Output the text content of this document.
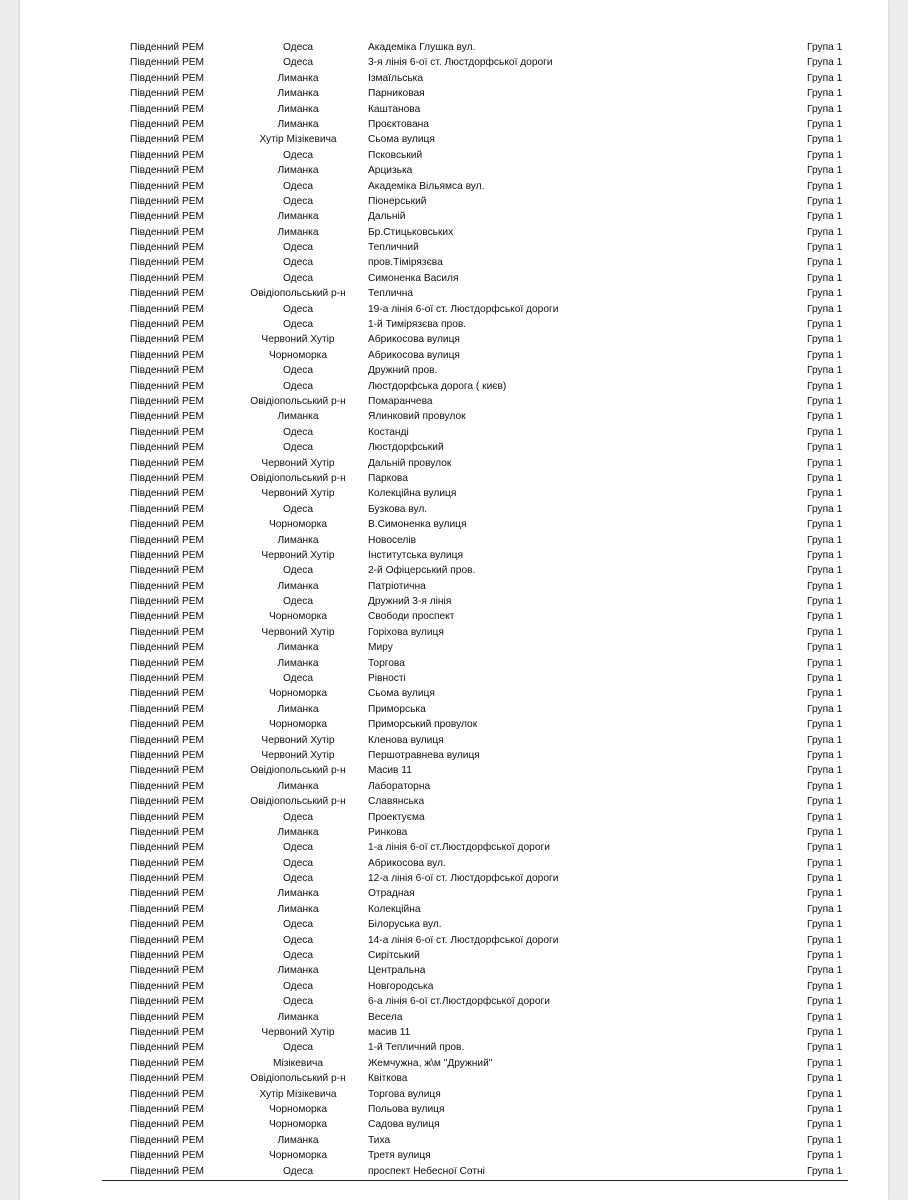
Південний РЕМ	Одеса	Академіка Глушка вул.	Група 1
Південний РЕМ	Одеса	3-я лінія 6-ої ст. Люстдорфської дороги	Група 1
Південний РЕМ	Лиманка	Ізмаїльська	Група 1
Південний РЕМ	Лиманка	Парниковая	Група 1
Південний РЕМ	Лиманка	Каштанова	Група 1
Південний РЕМ	Лиманка	Проєктована	Група 1
Південний РЕМ	Хутір Мізікевича	Сьома вулиця	Група 1
Південний РЕМ	Одеса	Псковський	Група 1
Південний РЕМ	Лиманка	Арцизька	Група 1
Південний РЕМ	Одеса	Академіка Вільямса вул.	Група 1
Південний РЕМ	Одеса	Піонерський	Група 1
Південний РЕМ	Лиманка	Дальній	Група 1
Південний РЕМ	Лиманка	Бр.Стицьковських	Група 1
Південний РЕМ	Одеса	Тепличний	Група 1
Південний РЕМ	Одеса	пров.Тімірязєва	Група 1
Південний РЕМ	Одеса	Симоненка Василя	Група 1
Південний РЕМ	Овідіопольський р-н	Теплична	Група 1
Південний РЕМ	Одеса	19-а лінія 6-ої ст. Люстдорфської дороги	Група 1
Південний РЕМ	Одеса	1-й Тимірязєва пров.	Група 1
Південний РЕМ	Червоний Хутір	Абрикосова вулиця	Група 1
Південний РЕМ	Чорноморка	Абрикосова вулиця	Група 1
Південний РЕМ	Одеса	Дружний пров.	Група 1
Південний РЕМ	Одеса	Люстдорфська дорога ( києв)	Група 1
Південний РЕМ	Овідіопольський р-н	Помаранчева	Група 1
Південний РЕМ	Лиманка	Ялинковий провулок	Група 1
Південний РЕМ	Одеса	Костанді	Група 1
Південний РЕМ	Одеса	Люстдорфський	Група 1
Південний РЕМ	Червоний Хутір	Дальній провулок	Група 1
Південний РЕМ	Овідіопольський р-н	Паркова	Група 1
Південний РЕМ	Червоний Хутір	Колекційна вулиця	Група 1
Південний РЕМ	Одеса	Бузкова вул.	Група 1
Південний РЕМ	Чорноморка	В.Симоненка вулиця	Група 1
Південний РЕМ	Лиманка	Новоселів	Група 1
Південний РЕМ	Червоний Хутір	Інститутська вулиця	Група 1
Південний РЕМ	Одеса	2-й Офіцерський пров.	Група 1
Південний РЕМ	Лиманка	Патріотична	Група 1
Південний РЕМ	Одеса	Дружний 3-я лінія	Група 1
Південний РЕМ	Чорноморка	Свободи проспект	Група 1
Південний РЕМ	Червоний Хутір	Горіхова вулиця	Група 1
Південний РЕМ	Лиманка	Миру	Група 1
Південний РЕМ	Лиманка	Торгова	Група 1
Південний РЕМ	Одеса	Рівності	Група 1
Південний РЕМ	Чорноморка	Сьома вулиця	Група 1
Південний РЕМ	Лиманка	Приморська	Група 1
Південний РЕМ	Чорноморка	Приморський провулок	Група 1
Південний РЕМ	Червоний Хутір	Кленова вулиця	Група 1
Південний РЕМ	Червоний Хутір	Першотравнева вулиця	Група 1
Південний РЕМ	Овідіопольський р-н	Масив 11	Група 1
Південний РЕМ	Лиманка	Лабораторна	Група 1
Південний РЕМ	Овідіопольський р-н	Славянська	Група 1
Південний РЕМ	Одеса	Проектуєма	Група 1
Південний РЕМ	Лиманка	Ринкова	Група 1
Південний РЕМ	Одеса	1-а лінія 6-ої ст.Люстдорфської дороги	Група 1
Південний РЕМ	Одеса	Абрикосова вул.	Група 1
Південний РЕМ	Одеса	12-а лінія 6-ої ст. Люстдорфської дороги	Група 1
Південний РЕМ	Лиманка	Отрадная	Група 1
Південний РЕМ	Лиманка	Колекційна	Група 1
Південний РЕМ	Одеса	Білоруська вул.	Група 1
Південний РЕМ	Одеса	14-а лінія 6-ої ст. Люстдорфської дороги	Група 1
Південний РЕМ	Одеса	Сирітський	Група 1
Південний РЕМ	Лиманка	Центральна	Група 1
Південний РЕМ	Одеса	Новгородська	Група 1
Південний РЕМ	Одеса	6-а лінія 6-ої ст.Люстдорфської дороги	Група 1
Південний РЕМ	Лиманка	Весела	Група 1
Південний РЕМ	Червоний Хутір	масив 11	Група 1
Південний РЕМ	Одеса	1-й Тепличний пров.	Група 1
Південний РЕМ	Мізікевича	Жемчужна, ж\м "Дружний"	Група 1
Південний РЕМ	Овідіопольський р-н	Квіткова	Група 1
Південний РЕМ	Хутір Мізікевича	Торгова вулиця	Група 1
Південний РЕМ	Чорноморка	Польова вулиця	Група 1
Південний РЕМ	Чорноморка	Садова вулиця	Група 1
Південний РЕМ	Лиманка	Тиха	Група 1
Південний РЕМ	Чорноморка	Третя вулиця	Група 1
Південний РЕМ	Одеса	проспект Небесної Сотні	Група 1
